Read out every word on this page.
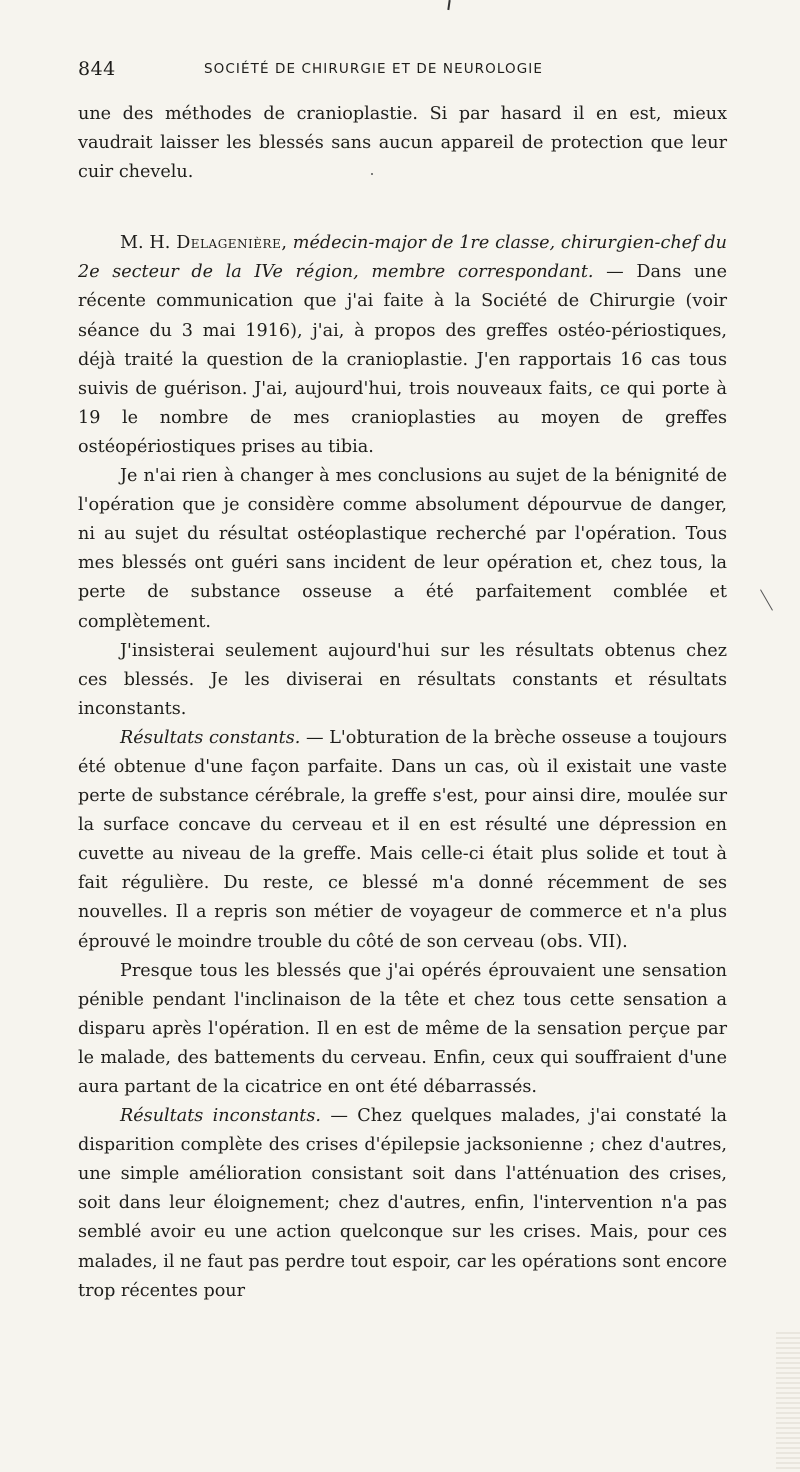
844	SOCIÉTÉ DE CHIRURGIE ET DE NEUROLOGIE

une des méthodes de cranioplastie. Si par hasard il en est, mieux vaudrait laisser les blessés sans aucun appareil de protection que leur cuir chevelu.

M. H. Delagenière, médecin-major de 1re classe, chirurgien-chef du 2e secteur de la IVe région, membre correspondant. — Dans une récente communication que j'ai faite à la Société de Chirurgie (voir séance du 3 mai 1916), j'ai, à propos des greffes ostéo-périostiques, déjà traité la question de la cranioplastie. J'en rapportais 16 cas tous suivis de guérison. J'ai, aujourd'hui, trois nouveaux faits, ce qui porte à 19 le nombre de mes cranioplasties au moyen de greffes ostéopériostiques prises au tibia.

Je n'ai rien à changer à mes conclusions au sujet de la bénignité de l'opération que je considère comme absolument dépourvue de danger, ni au sujet du résultat ostéoplastique recherché par l'opération. Tous mes blessés ont guéri sans incident de leur opération et, chez tous, la perte de substance osseuse a été parfaitement comblée et complètement.

J'insisterai seulement aujourd'hui sur les résultats obtenus chez ces blessés. Je les diviserai en résultats constants et résultats inconstants.

Résultats constants. — L'obturation de la brèche osseuse a toujours été obtenue d'une façon parfaite. Dans un cas, où il existait une vaste perte de substance cérébrale, la greffe s'est, pour ainsi dire, moulée sur la surface concave du cerveau et il en est résulté une dépression en cuvette au niveau de la greffe. Mais celle-ci était plus solide et tout à fait régulière. Du reste, ce blessé m'a donné récemment de ses nouvelles. Il a repris son métier de voyageur de commerce et n'a plus éprouvé le moindre trouble du côté de son cerveau (obs. VII).

Presque tous les blessés que j'ai opérés éprouvaient une sensation pénible pendant l'inclinaison de la tête et chez tous cette sensation a disparu après l'opération. Il en est de même de la sensation perçue par le malade, des battements du cerveau. Enfin, ceux qui souffraient d'une aura partant de la cicatrice en ont été débarrassés.

Résultats inconstants. — Chez quelques malades, j'ai constaté la disparition complète des crises d'épilepsie jacksonienne ; chez d'autres, une simple amélioration consistant soit dans l'atténuation des crises, soit dans leur éloignement; chez d'autres, enfin, l'intervention n'a pas semblé avoir eu une action quelconque sur les crises. Mais, pour ces malades, il ne faut pas perdre tout espoir, car les opérations sont encore trop récentes pour
